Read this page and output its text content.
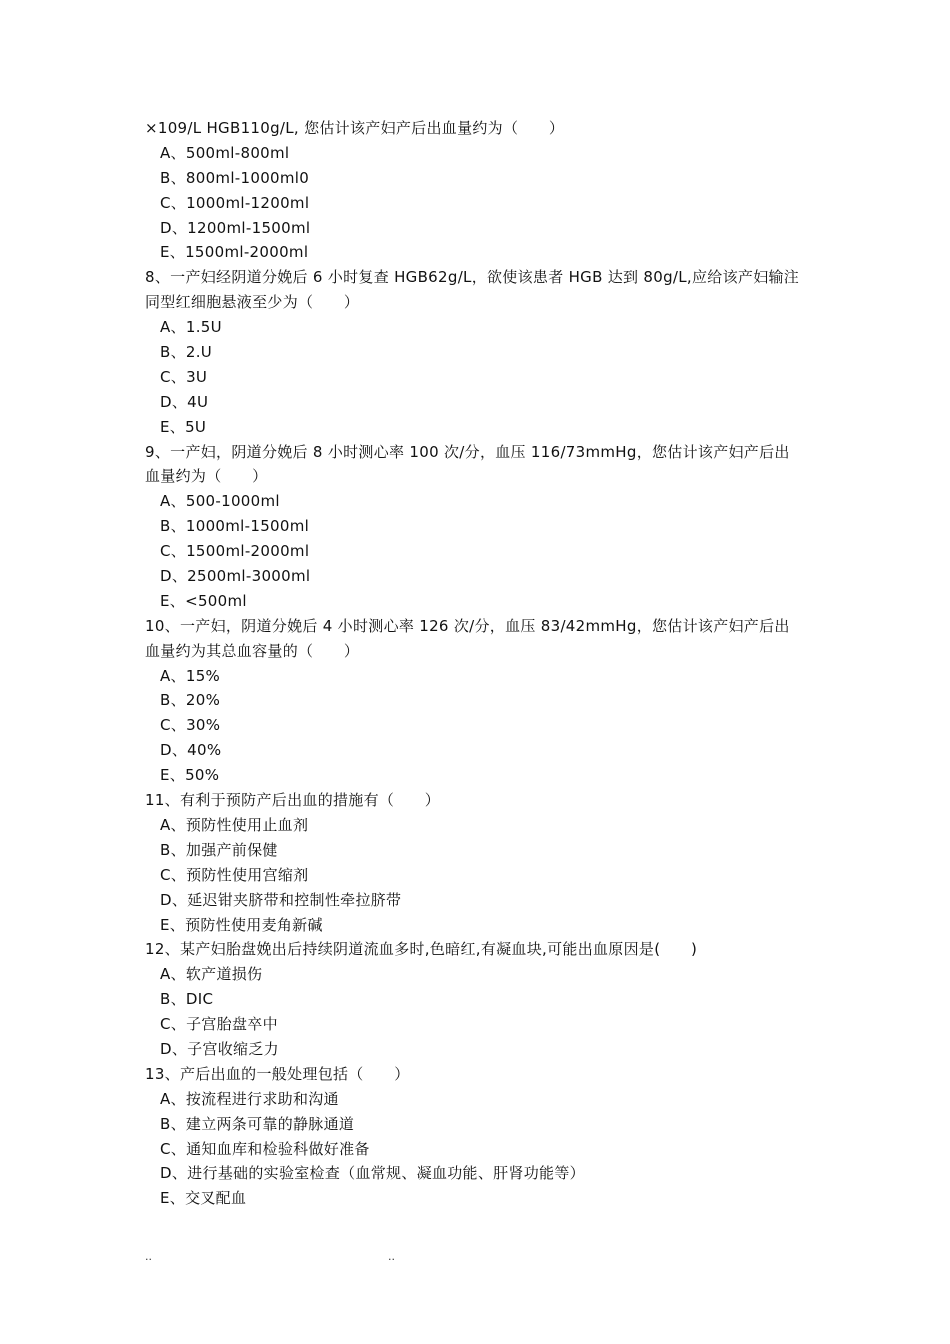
×109/L HGB110g/L, 您估计该产妇产后出血量约为（　　）
A、500ml-800ml
B、800ml-1000ml0
C、1000ml-1200ml
D、1200ml-1500ml
E、1500ml-2000ml
8、一产妇经阴道分娩后 6 小时复查 HGB62g/L，欲使该患者 HGB 达到 80g/L,应给该产妇输注
同型红细胞悬液至少为（　　）
A、1.5U
B、2.U
C、3U
D、4U
E、5U
9、一产妇，阴道分娩后 8 小时测心率 100 次/分，血压 116/73mmHg，您估计该产妇产后出
血量约为（　　）
A、500-1000ml
B、1000ml-1500ml
C、1500ml-2000ml
D、2500ml-3000ml
E、<500ml
10、一产妇，阴道分娩后 4 小时测心率 126 次/分，血压 83/42mmHg，您估计该产妇产后出
血量约为其总血容量的（　　）
A、15%
B、20%
C、30%
D、40%
E、50%
11、有利于预防产后出血的措施有（　　）
A、预防性使用止血剂
B、加强产前保健
C、预防性使用宫缩剂
D、延迟钳夹脐带和控制性牵拉脐带
E、预防性使用麦角新碱
12、某产妇胎盘娩出后持续阴道流血多时,色暗红,有凝血块,可能出血原因是(　　)
A、软产道损伤
B、DIC
C、子宫胎盘卒中
D、子宫收缩乏力
13、产后出血的一般处理包括（　　）
A、按流程进行求助和沟通
B、建立两条可靠的静脉通道
C、通知血库和检验科做好准备
D、进行基础的实验室检查（血常规、凝血功能、肝肾功能等）
E、交叉配血
..	..
